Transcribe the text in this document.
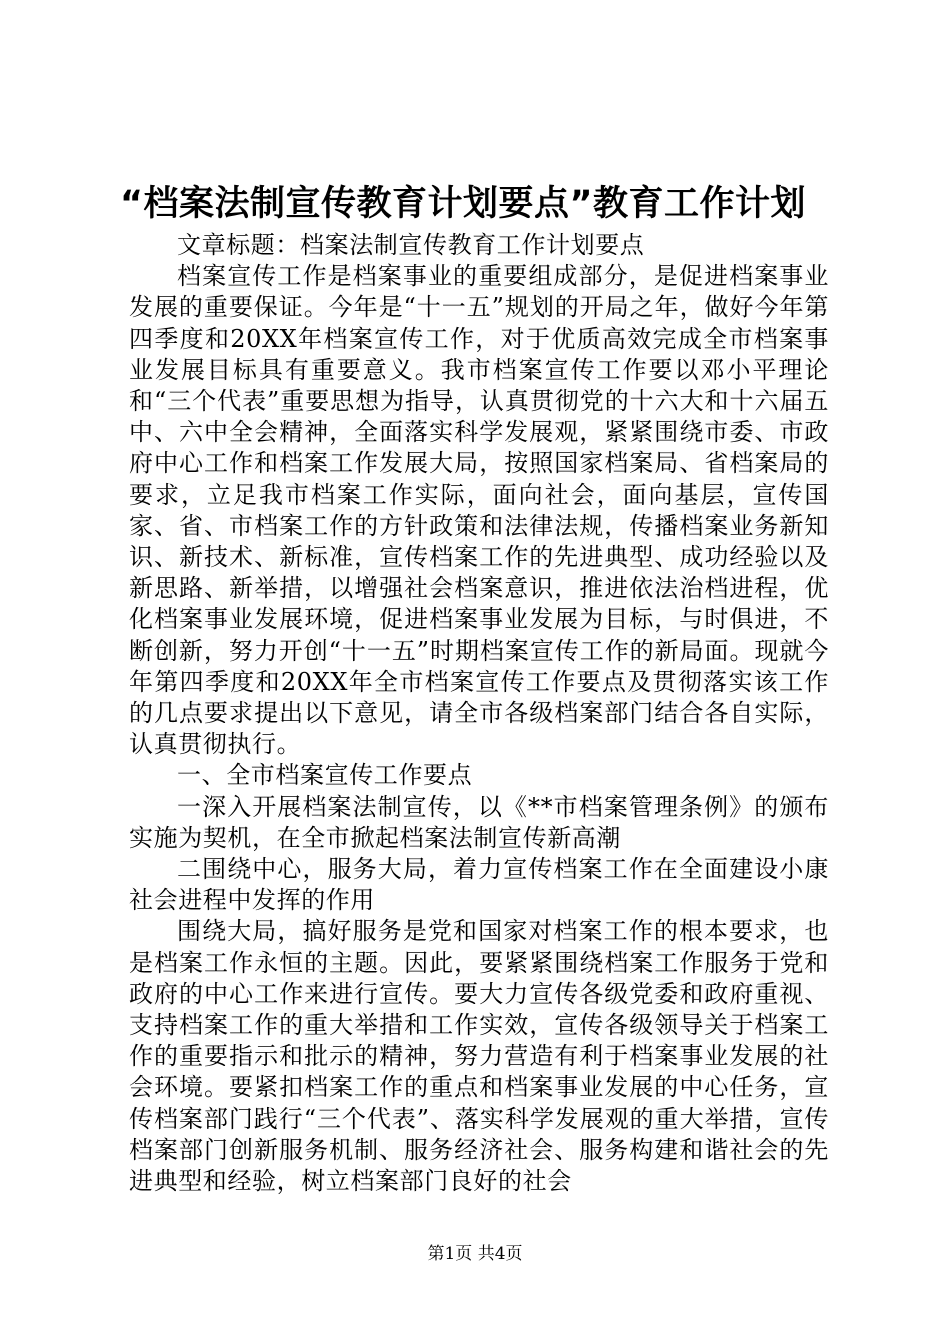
“档案法制宣传教育计划要点”教育工作计划

文章标题：档案法制宣传教育工作计划要点

档案宣传工作是档案事业的重要组成部分，是促进档案事业发展的重要保证。今年是“十一五”规划的开局之年，做好今年第四季度和20XX年档案宣传工作，对于优质高效完成全市档案事业发展目标具有重要意义。我市档案宣传工作要以邓小平理论和“三个代表”重要思想为指导，认真贯彻党的十六大和十六届五中、六中全会精神，全面落实科学发展观，紧紧围绕市委、市政府中心工作和档案工作发展大局，按照国家档案局、省档案局的要求，立足我市档案工作实际，面向社会，面向基层，宣传国家、省、市档案工作的方针政策和法律法规，传播档案业务新知识、新技术、新标准，宣传档案工作的先进典型、成功经验以及新思路、新举措，以增强社会档案意识，推进依法治档进程，优化档案事业发展环境，促进档案事业发展为目标，与时俱进，不断创新，努力开创“十一五”时期档案宣传工作的新局面。现就今年第四季度和20XX年全市档案宣传工作要点及贯彻落实该工作的几点要求提出以下意见，请全市各级档案部门结合各自实际，认真贯彻执行。

一、全市档案宣传工作要点

一深入开展档案法制宣传，以《**市档案管理条例》的颁布实施为契机，在全市掀起档案法制宣传新高潮

二围绕中心，服务大局，着力宣传档案工作在全面建设小康社会进程中发挥的作用

围绕大局，搞好服务是党和国家对档案工作的根本要求，也是档案工作永恒的主题。因此，要紧紧围绕档案工作服务于党和政府的中心工作来进行宣传。要大力宣传各级党委和政府重视、支持档案工作的重大举措和工作实效，宣传各级领导关于档案工作的重要指示和批示的精神，努力营造有利于档案事业发展的社会环境。要紧扣档案工作的重点和档案事业发展的中心任务，宣传档案部门践行“三个代表”、落实科学发展观的重大举措，宣传档案部门创新服务机制、服务经济社会、服务构建和谐社会的先进典型和经验，树立档案部门良好的社会

第1页 共4页
